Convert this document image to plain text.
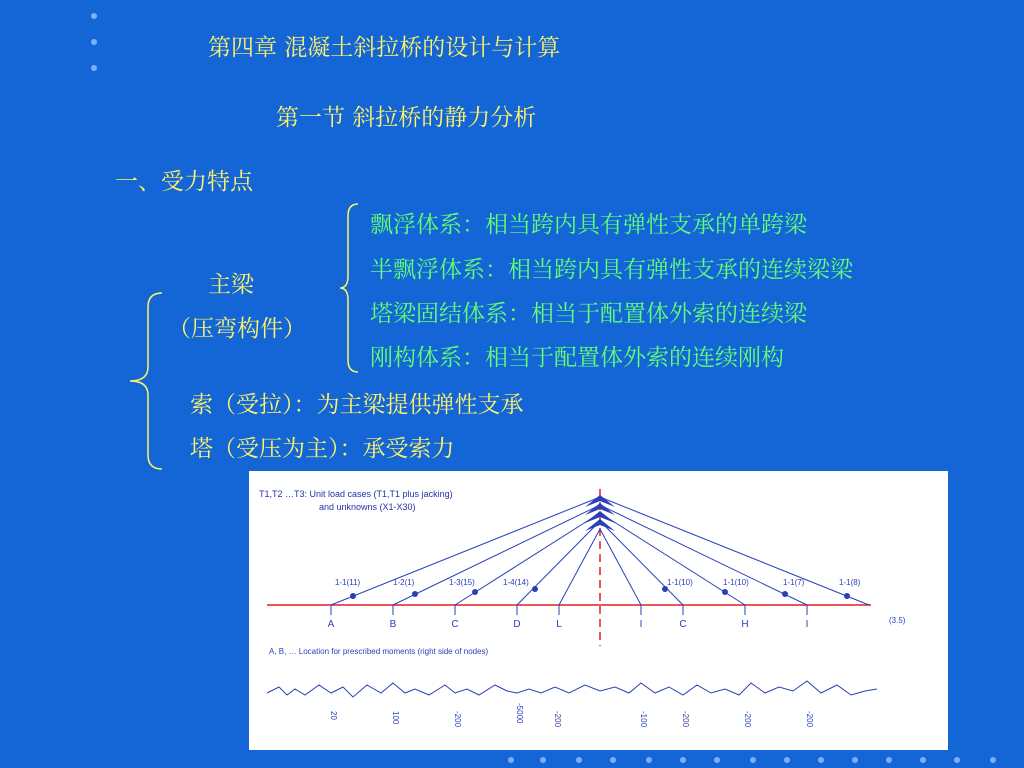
第四章 混凝土斜拉桥的设计与计算
第一节 斜拉桥的静力分析
一、受力特点
主梁
（压弯构件）
飘浮体系：相当跨内具有弹性支承的单跨梁
半飘浮体系：相当跨内具有弹性支承的连续梁梁
塔梁固结体系：相当于配置体外索的连续梁
刚构体系：相当于配置体外索的连续刚构
索（受拉）：为主梁提供弹性支承
塔（受压为主）：承受索力
T1,T2 …T3: Unit load cases (T1,T1 plus jacking)
and unknowns (X1-X30)
1-1(11)	1-2(1)	1-3(15)	1-4(14)	1-1(10)	1-1(10)	1-1(7)	1-1(8)
A	B	C	D	L	I	C	H	I	(3.5)
A, B, … Location for prescribed moments (right side of nodes)
20	100	-200	-5000	-200	-100	-200	-200	-200
